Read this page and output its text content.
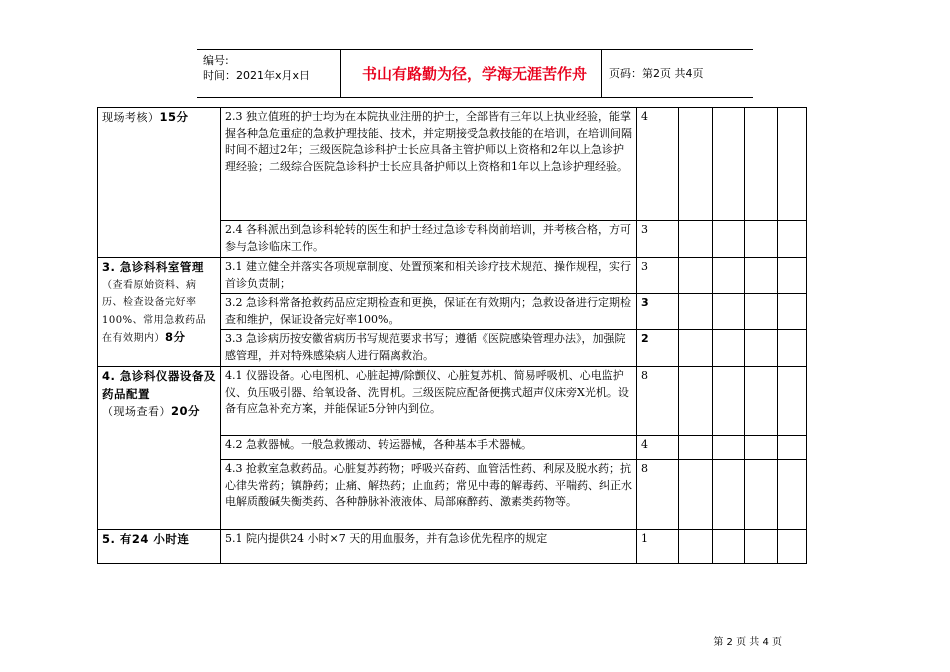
编号:
时间：2021年x月x日	书山有路勤为径，学海无涯苦作舟	页码：第2页 共4页
现场考核）15分	2.3 独立值班的护士均为在本院执业注册的护士，全部皆有三年以上执业经验，能掌握各种急危重症的急救护理技能、技术，并定期接受急救技能的在培训，在培训间隔时间不超过2年；三级医院急诊科护士长应具备主管护师以上资格和2年以上急诊护理经验；二级综合医院急诊科护士长应具备护师以上资格和1年以上急诊护理经验。	4				
	2.4 各科派出到急诊科轮转的医生和护士经过急诊专科岗前培训，并考核合格，方可参与急诊临床工作。	3				
3. 急诊科科室管理（查看原始资料、病历、检查设备完好率100%、常用急救药品在有效期内）8分	3.1 建立健全并落实各项规章制度、处置预案和相关诊疗技术规范、操作规程，实行首诊负责制；	3				
	3.2 急诊科常备抢救药品应定期检查和更换，保证在有效期内；急救设备进行定期检查和维护，保证设备完好率100%。	3				
	3.3 急诊病历按安徽省病历书写规范要求书写；遵循《医院感染管理办法》，加强院感管理，并对特殊感染病人进行隔离救治。	2				
4. 急诊科仪器设备及药品配置（现场查看）20分	4.1 仪器设备。心电图机、心脏起搏/除颤仪、心脏复苏机、简易呼吸机、心电监护仪、负压吸引器、给氧设备、洗胃机。三级医院应配备便携式超声仪床旁X光机。设备有应急补充方案，并能保证5分钟内到位。	8				
	4.2 急救器械。一般急救搬动、转运器械，各种基本手术器械。	4				
	4.3 抢救室急救药品。心脏复苏药物；呼吸兴奋药、血管活性药、利尿及脱水药；抗心律失常药；镇静药；止痛、解热药；止血药；常见中毒的解毒药、平喘药、纠正水电解质酸碱失衡类药、各种静脉补液液体、局部麻醉药、激素类药物等。	8				
5. 有24 小时连	5.1 院内提供24 小时×7 天的用血服务，并有急诊优先程序的规定	1				
第 2 页 共 4 页
